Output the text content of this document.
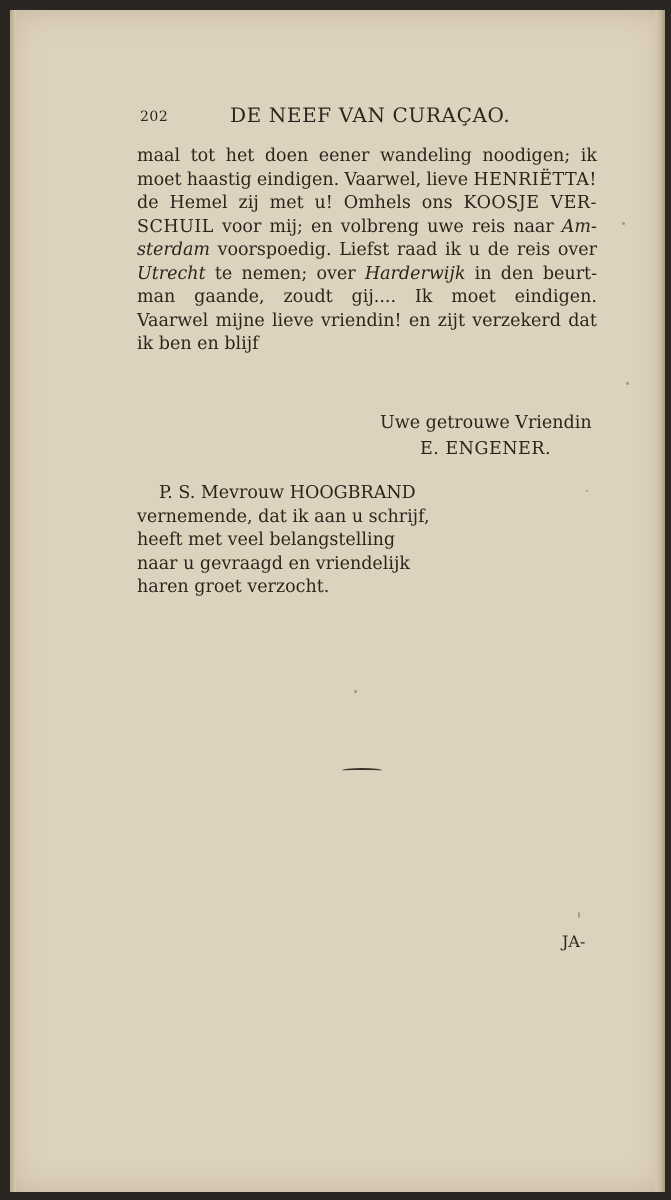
202	DE NEEF VAN CURAÇAO.
maal tot het doen eener wandeling noodigen; ik
moet haastig eindigen. Vaarwel, lieve HENRIËTTA!
de Hemel zij met u! Omhels ons KOOSJE VER-
SCHUIL voor mij; en volbreng uwe reis naar Am-
sterdam voorspoedig. Liefst raad ik u de reis over
Utrecht te nemen; over Harderwijk in den beurt-
man gaande, zoudt gij.... Ik moet eindigen.
Vaarwel mijne lieve vriendin! en zijt verzekerd dat
ik ben en blijf
Uwe getrouwe Vriendin
E. ENGENER.
P. S. Mevrouw HOOGBRAND
vernemende, dat ik aan u schrijf,
heeft met veel belangstelling
naar u gevraagd en vriendelijk
haren groet verzocht.
JA-
